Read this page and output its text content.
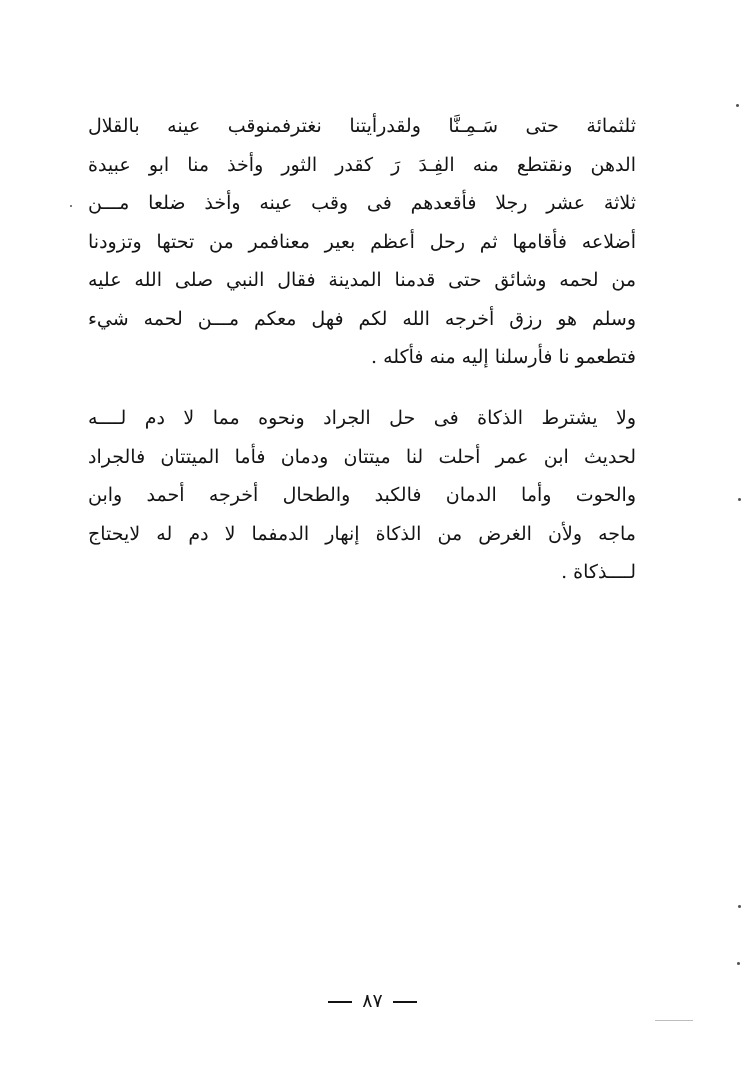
ثلثمائة حتى سَـمِـنَّا ولقدرأيتنا نغترفمنوقب عينه بالقلال
الدهن ونقتطع منه الفِـدَ رَ كقدر الثور وأخذ منا ابو عبيدة
ثلاثة عشر رجلا فأقعدهم فى وقب عينه وأخذ ضلعا مـــن
أضلاعه فأقامها ثم رحل أعظم بعير معنافمر من تحتها وتزودنا
من لحمه وشائق حتى قدمنا المدينة فقال النبي صلى الله عليه
وسلم هو رزق أخرجه الله لكم فهل معكم مـــن لحمه شيء
فتطعمو نا فأرسلنا إليه منه فأكله .
ولا يشترط الذكاة فى حل الجراد ونحوه مما لا دم لــــه
لحديث ابن عمر أحلت لنا ميتتان ودمان فأما الميتتان فالجراد
والحوت وأما الدمان فالكبد والطحال أخرجه أحمد وابن
ماجه ولأن الغرض من الذكاة إنهار الدمفما لا دم له لايحتاج
لــــذكاة .
٨٧
